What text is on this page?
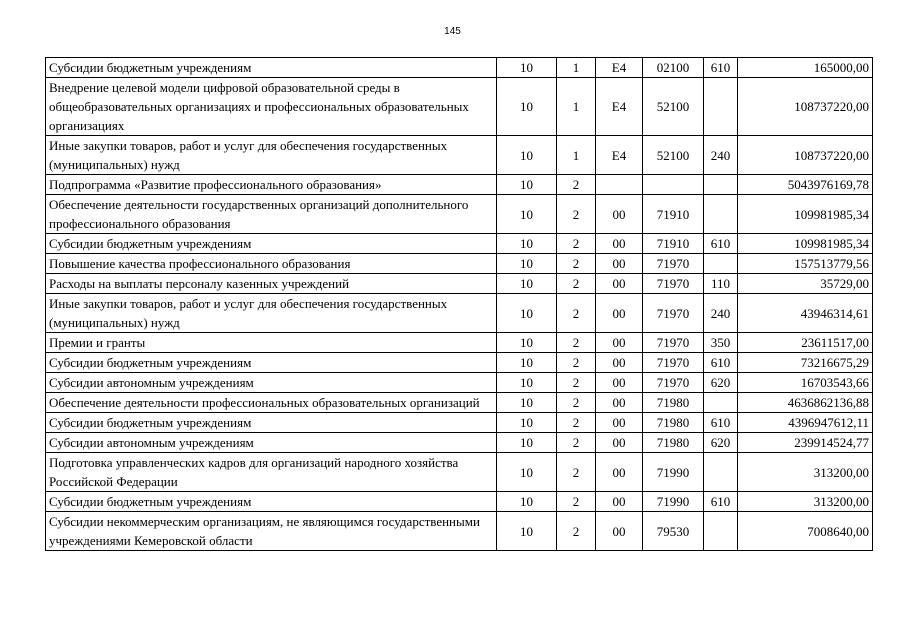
145
Субсидии бюджетным учреждениям	10	1	E4	02100	610	165000,00
Внедрение целевой модели цифровой образовательной среды в общеобразовательных организациях и профессиональных образовательных организациях	10	1	E4	52100		108737220,00
Иные закупки товаров, работ и услуг для обеспечения государственных (муниципальных) нужд	10	1	E4	52100	240	108737220,00
Подпрограмма «Развитие профессионального образования»	10	2				5043976169,78
Обеспечение деятельности государственных организаций дополнительного профессионального образования	10	2	00	71910		109981985,34
Субсидии бюджетным учреждениям	10	2	00	71910	610	109981985,34
Повышение качества профессионального образования	10	2	00	71970		157513779,56
Расходы на выплаты персоналу казенных учреждений	10	2	00	71970	110	35729,00
Иные закупки товаров, работ и услуг для обеспечения государственных (муниципальных) нужд	10	2	00	71970	240	43946314,61
Премии и гранты	10	2	00	71970	350	23611517,00
Субсидии бюджетным учреждениям	10	2	00	71970	610	73216675,29
Субсидии автономным учреждениям	10	2	00	71970	620	16703543,66
Обеспечение деятельности профессиональных образовательных организаций	10	2	00	71980		4636862136,88
Субсидии бюджетным учреждениям	10	2	00	71980	610	4396947612,11
Субсидии автономным учреждениям	10	2	00	71980	620	239914524,77
Подготовка управленческих кадров для организаций народного хозяйства Российской Федерации	10	2	00	71990		313200,00
Субсидии бюджетным учреждениям	10	2	00	71990	610	313200,00
Субсидии некоммерческим организациям, не являющимся государственными учреждениями Кемеровской области	10	2	00	79530		7008640,00
